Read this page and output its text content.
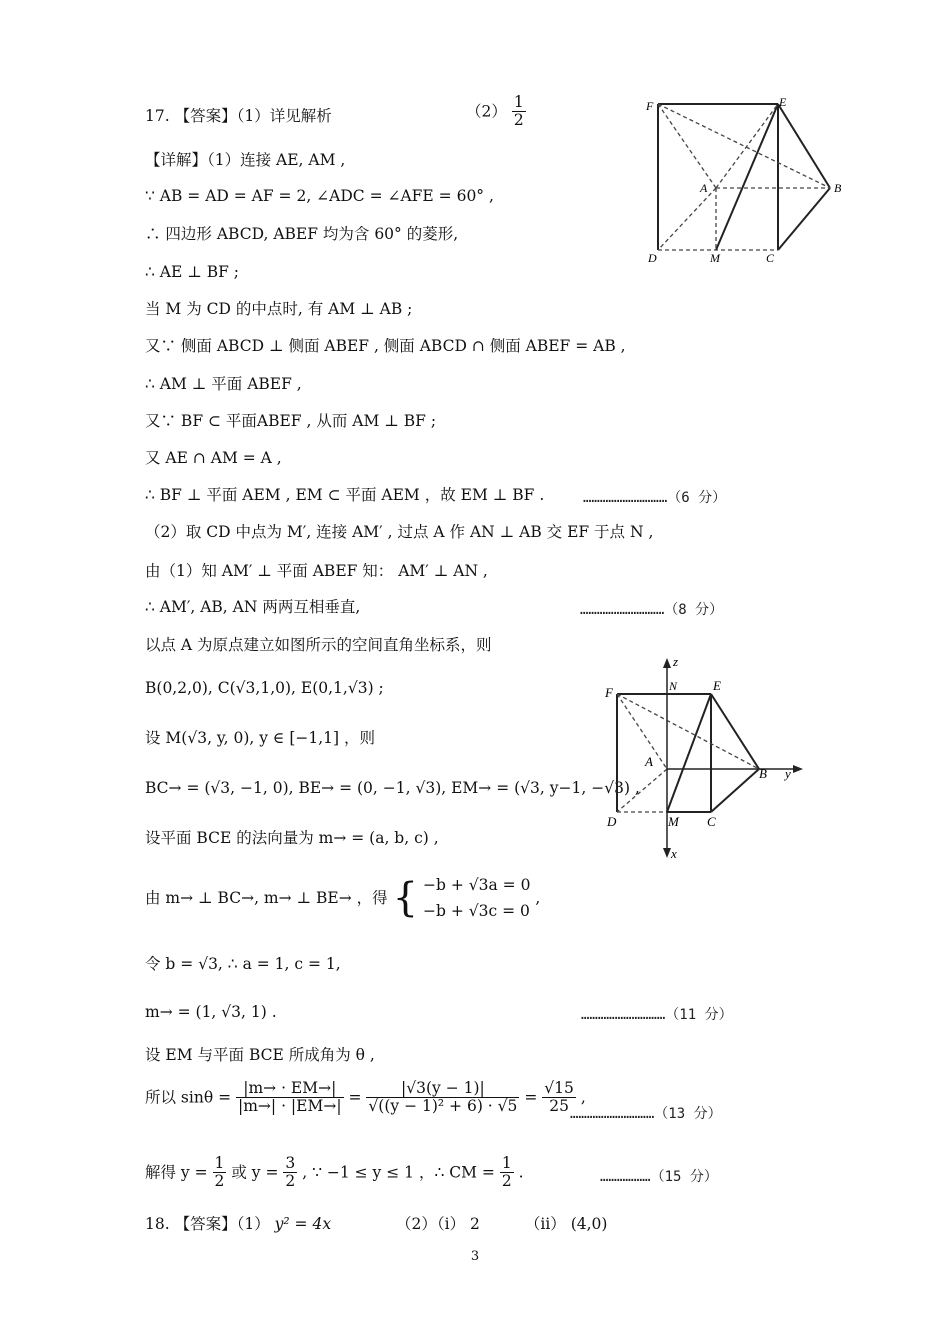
17. 【答案】（1）详见解析	$(2) \frac{1}{2}$
【详解】（1）连接 AE, AM ,
∵ AB = AD = AF = 2, ∠ADC = ∠AFE = 60° ,
∴ 四边形 ABCD, ABEF 均为含 60° 的菱形,
∴ AE ⊥ BF ;
当 M 为 CD 的中点时, 有 AM ⊥ AB ;
又∵ 侧面 ABCD ⊥ 侧面 ABEF , 侧面 ABCD ∩ 侧面 ABEF = AB ,
∴ AM ⊥ 平面 ABEF ,
又∵ BF ⊂ 平面ABEF , 从而 AM ⊥ BF ;
又 AE ∩ AM = A ,
∴ BF ⊥ 平面 AEM , EM ⊂ 平面 AEM ，故 EM ⊥ BF .	…………………………（6 分）
（2）取 CD 中点为 M′, 连接 AM′ , 过点 A 作 AN ⊥ AB 交 EF 于点 N ,
由（1）知 AM′ ⊥ 平面 ABEF 知： AM′ ⊥ AN ,
∴ AM′, AB, AN 两两互相垂直,	…………………………（8 分）
以点 A 为原点建立如图所示的空间直角坐标系，则
B(0,2,0), C(√3,1,0), E(0,1,√3) ;
设 M(√3, y, 0), y ∈ [−1,1] ，则
BC→ = (√3, −1, 0), BE→ = (0, −1, √3), EM→ = (√3, y−1, −√3) ,
设平面 BCE 的法向量为 m→ = (a, b, c) ,
由 m→ ⊥ BC→, m→ ⊥ BE→ ，得 { −b + √3a = 0
−b + √3c = 0
,
令 b = √3, ∴ a = 1, c = 1,
m→ = (1, √3, 1) .	…………………………（11 分）
设 EM 与平面 BCE 所成角为 θ ,
所以 $\sin\theta = \frac{|m\to \cdot EM\to|}{|m\to| \cdot |EM\to|} = \frac{|√3(y - 1)|}{\text{√((y − 1)² + 6) · √5}} = \frac{√15}{25}$ ,
…………………………（13 分）
解得 $y = \frac{1}{2}$ 或 $y = \frac{3}{2}$ , ∵ −1 ≤ y ≤ 1 ，∴ CM = $\frac{1}{2}$ .	………………（15 分）
18. 【答案】（1） y² = 4x	（2）（ⅰ） 2	（ⅱ） (4,0)
3
F	E
A	B
D	M	C
F	N	E
A
B y
z
D	M C
x
